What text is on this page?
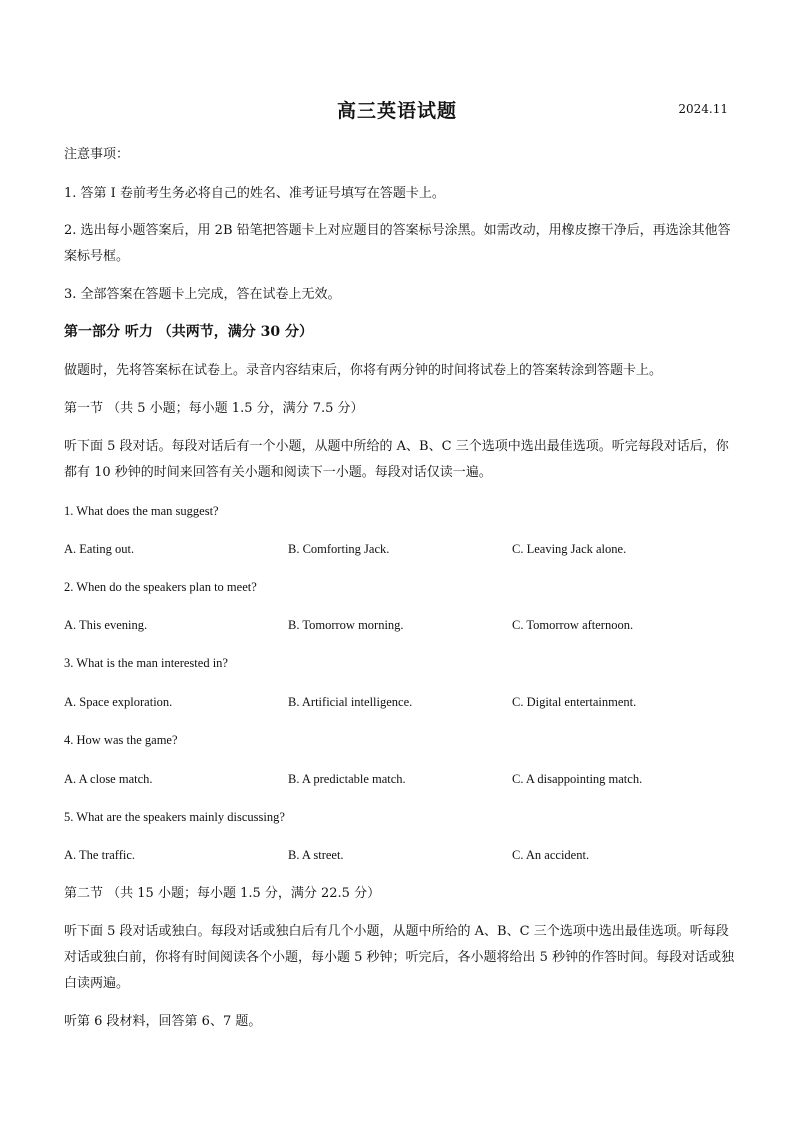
高三英语试题	2024.11
注意事项：
1. 答第 I 卷前考生务必将自己的姓名、准考证号填写在答题卡上。
2. 选出每小题答案后，用 2B 铅笔把答题卡上对应题目的答案标号涂黑。如需改动，用橡皮擦干净后，再选涂其他答案标号框。
3. 全部答案在答题卡上完成，答在试卷上无效。
第一部分 听力 （共两节，满分 30 分）
做题时，先将答案标在试卷上。录音内容结束后，你将有两分钟的时间将试卷上的答案转涂到答题卡上。
第一节 （共 5 小题；每小题 1.5 分，满分 7.5 分）
听下面 5 段对话。每段对话后有一个小题，从题中所给的 A、B、C 三个选项中选出最佳选项。听完每段对话后，你都有 10 秒钟的时间来回答有关小题和阅读下一小题。每段对话仅读一遍。
1. What does the man suggest?
A. Eating out.	B. Comforting Jack.	C. Leaving Jack alone.
2. When do the speakers plan to meet?
A. This evening.	B. Tomorrow morning.	C. Tomorrow afternoon.
3. What is the man interested in?
A. Space exploration.	B. Artificial intelligence.	C. Digital entertainment.
4. How was the game?
A. A close match.	B. A predictable match.	C. A disappointing match.
5. What are the speakers mainly discussing?
A. The traffic.	B. A street.	C. An accident.
第二节 （共 15 小题；每小题 1.5 分，满分 22.5 分）
听下面 5 段对话或独白。每段对话或独白后有几个小题，从题中所给的 A、B、C 三个选项中选出最佳选项。听每段对话或独白前，你将有时间阅读各个小题，每小题 5 秒钟；听完后，各小题将给出 5 秒钟的作答时间。每段对话或独白读两遍。
听第 6 段材料，回答第 6、7 题。
